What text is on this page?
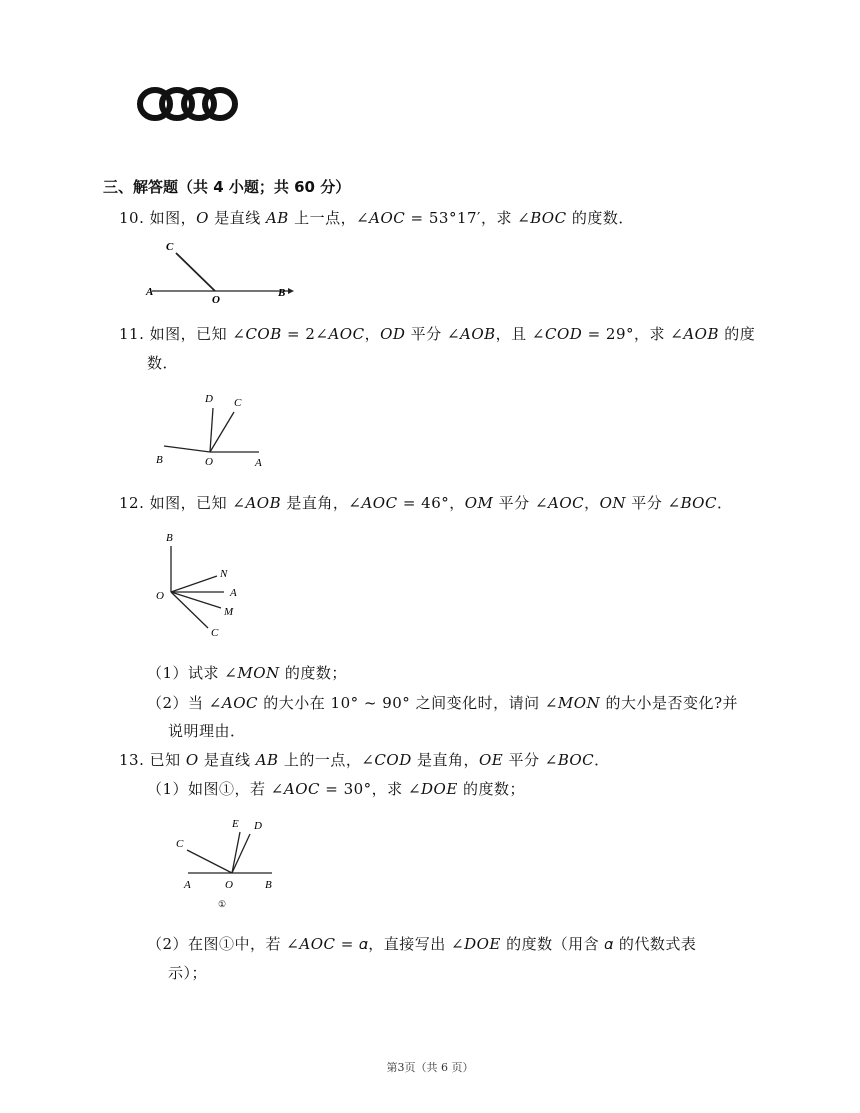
三、解答题（共 4 小题；共 60 分）
10. 如图，𝑂 是直线 𝐴𝐵 上一点，∠𝐴𝑂𝐶 = 53°17′，求 ∠𝐵𝑂𝐶 的度数．
C
A
O
B
11. 如图，已知 ∠𝐶𝑂𝐵 = 2∠𝐴𝑂𝐶，𝑂𝐷 平分 ∠𝐴𝑂𝐵，且 ∠𝐶𝑂𝐷 = 29°，求 ∠𝐴𝑂𝐵 的度
数．
D C
B	O	A
12. 如图，已知 ∠𝐴𝑂𝐵 是直角，∠𝐴𝑂𝐶 = 46°，𝑂𝑀 平分 ∠𝐴𝑂𝐶，𝑂𝑁 平分 ∠𝐵𝑂𝐶．
B
O
N
A
M
C
（1）试求 ∠𝑀𝑂𝑁 的度数；
（2）当 ∠𝐴𝑂𝐶 的大小在 10° ~ 90° 之间变化时，请问 ∠𝑀𝑂𝑁 的大小是否变化?并
说明理由．
13. 已知 𝑂 是直线 𝐴𝐵 上的一点，∠𝐶𝑂𝐷 是直角，𝑂𝐸 平分 ∠𝐵𝑂𝐶．
（1）如图①，若 ∠𝐴𝑂𝐶 = 30°，求 ∠𝐷𝑂𝐸 的度数；
C
E D
A	O	B
①
（2）在图①中，若 ∠𝐴𝑂𝐶 = 𝛼，直接写出 ∠𝐷𝑂𝐸 的度数（用含 𝛼 的代数式表
示）；
第3页（共 6 页）
